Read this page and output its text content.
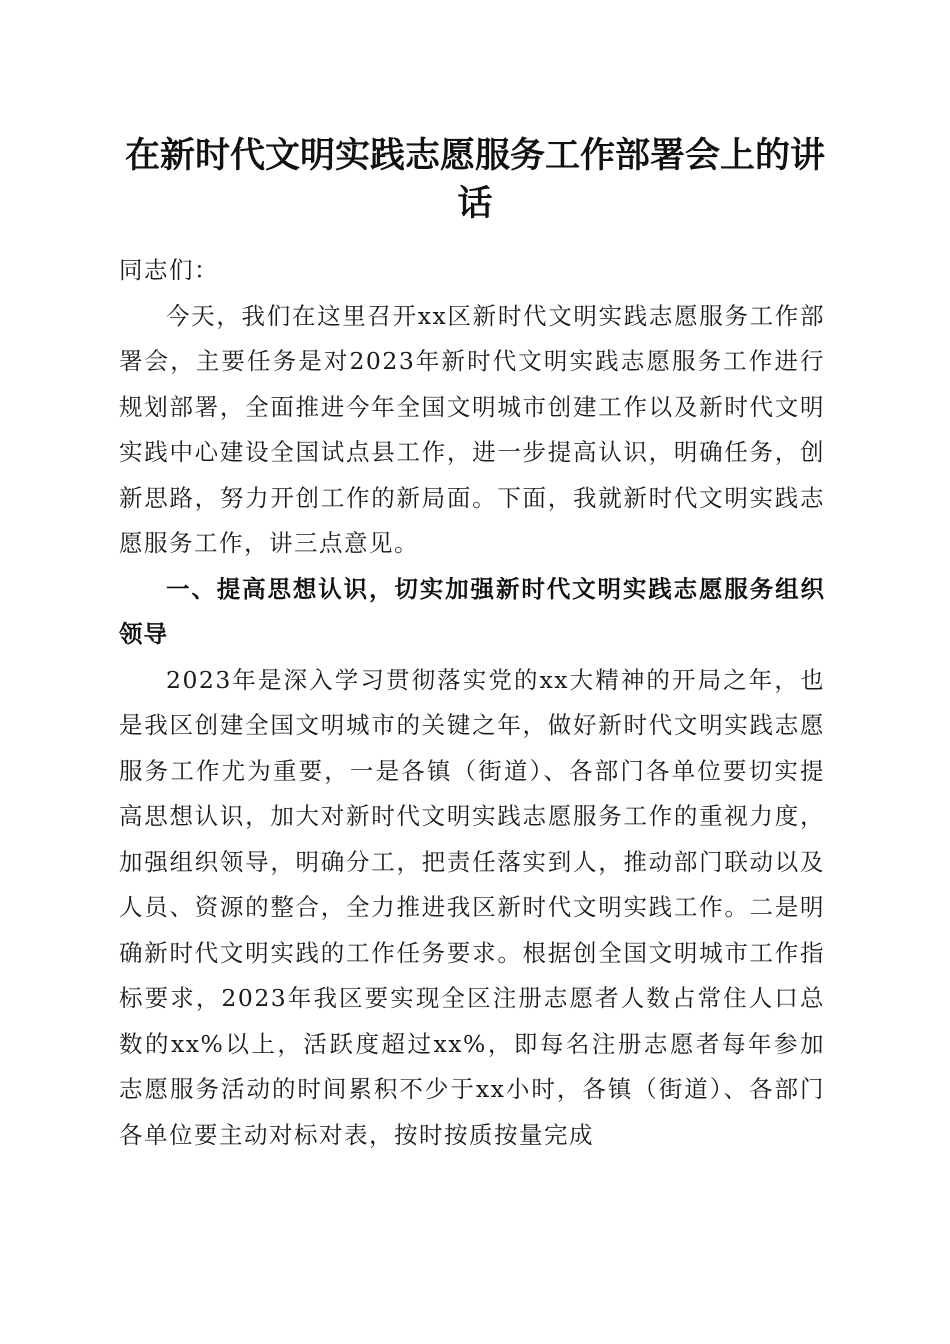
在新时代文明实践志愿服务工作部署会上的讲话

同志们：

今天，我们在这里召开xx区新时代文明实践志愿服务工作部署会，主要任务是对2023年新时代文明实践志愿服务工作进行规划部署，全面推进今年全国文明城市创建工作以及新时代文明实践中心建设全国试点县工作，进一步提高认识，明确任务，创新思路，努力开创工作的新局面。下面，我就新时代文明实践志愿服务工作，讲三点意见。

一、提高思想认识，切实加强新时代文明实践志愿服务组织领导

2023年是深入学习贯彻落实党的xx大精神的开局之年，也是我区创建全国文明城市的关键之年，做好新时代文明实践志愿服务工作尤为重要，一是各镇（街道）、各部门各单位要切实提高思想认识，加大对新时代文明实践志愿服务工作的重视力度，加强组织领导，明确分工，把责任落实到人，推动部门联动以及人员、资源的整合，全力推进我区新时代文明实践工作。二是明确新时代文明实践的工作任务要求。根据创全国文明城市工作指标要求，2023年我区要实现全区注册志愿者人数占常住人口总数的xx%以上，活跃度超过xx%，即每名注册志愿者每年参加志愿服务活动的时间累积不少于xx小时，各镇（街道）、各部门各单位要主动对标对表，按时按质按量完成
